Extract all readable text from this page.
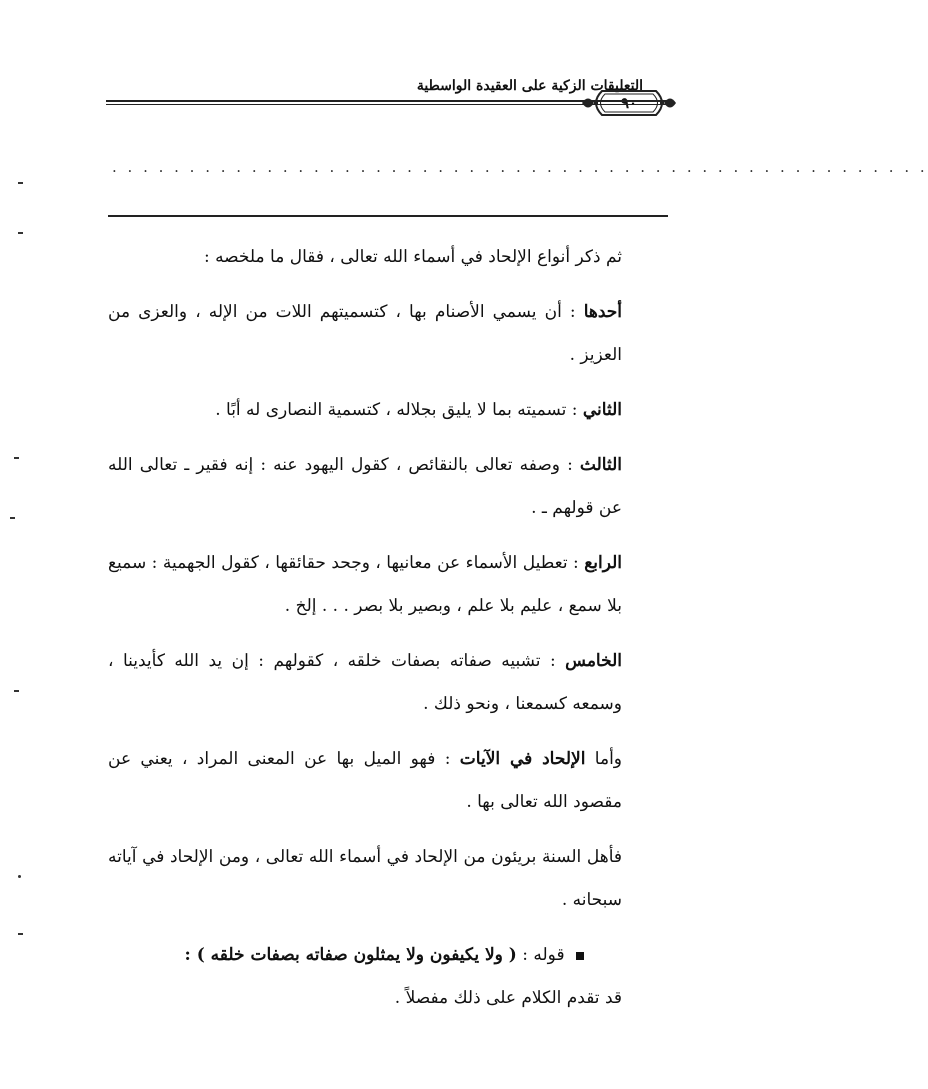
التعليقات الزكية على العقيدة الواسطية
٩٠
. . . . . . . . . . . . . . . . . . . . . . . . . . . . . . . . . . . . . . . . . . . . . . . . . . . . .

ثم ذكر أنواع الإلحاد في أسماء الله تعالى ، فقال ما ملخصه :

أحدها : أن يسمي الأصنام بها ، كتسميتهم اللات من الإله ، والعزى من العزيز .

الثاني : تسميته بما لا يليق بجلاله ، كتسمية النصارى له أبًا .

الثالث : وصفه تعالى بالنقائص ، كقول اليهود عنه : إنه فقير ـ تعالى الله عن قولهم ـ .

الرابع : تعطيل الأسماء عن معانيها ، وجحد حقائقها ، كقول الجهمية : سميع بلا سمع ، عليم بلا علم ، وبصير بلا بصر . . . إلخ .

الخامس : تشبيه صفاته بصفات خلقه ، كقولهم : إن يد الله كأيدينا ، وسمعه كسمعنا ، ونحو ذلك .

وأما الإلحاد في الآيات : فهو الميل بها عن المعنى المراد ، يعني عن مقصود الله تعالى بها .

فأهل السنة بريئون من الإلحاد في أسماء الله تعالى ، ومن الإلحاد في آياته سبحانه .

قوله : ( ولا يكيفون ولا يمثلون صفاته بصفات خلقه ) :

قد تقدم الكلام على ذلك مفصلاً .
